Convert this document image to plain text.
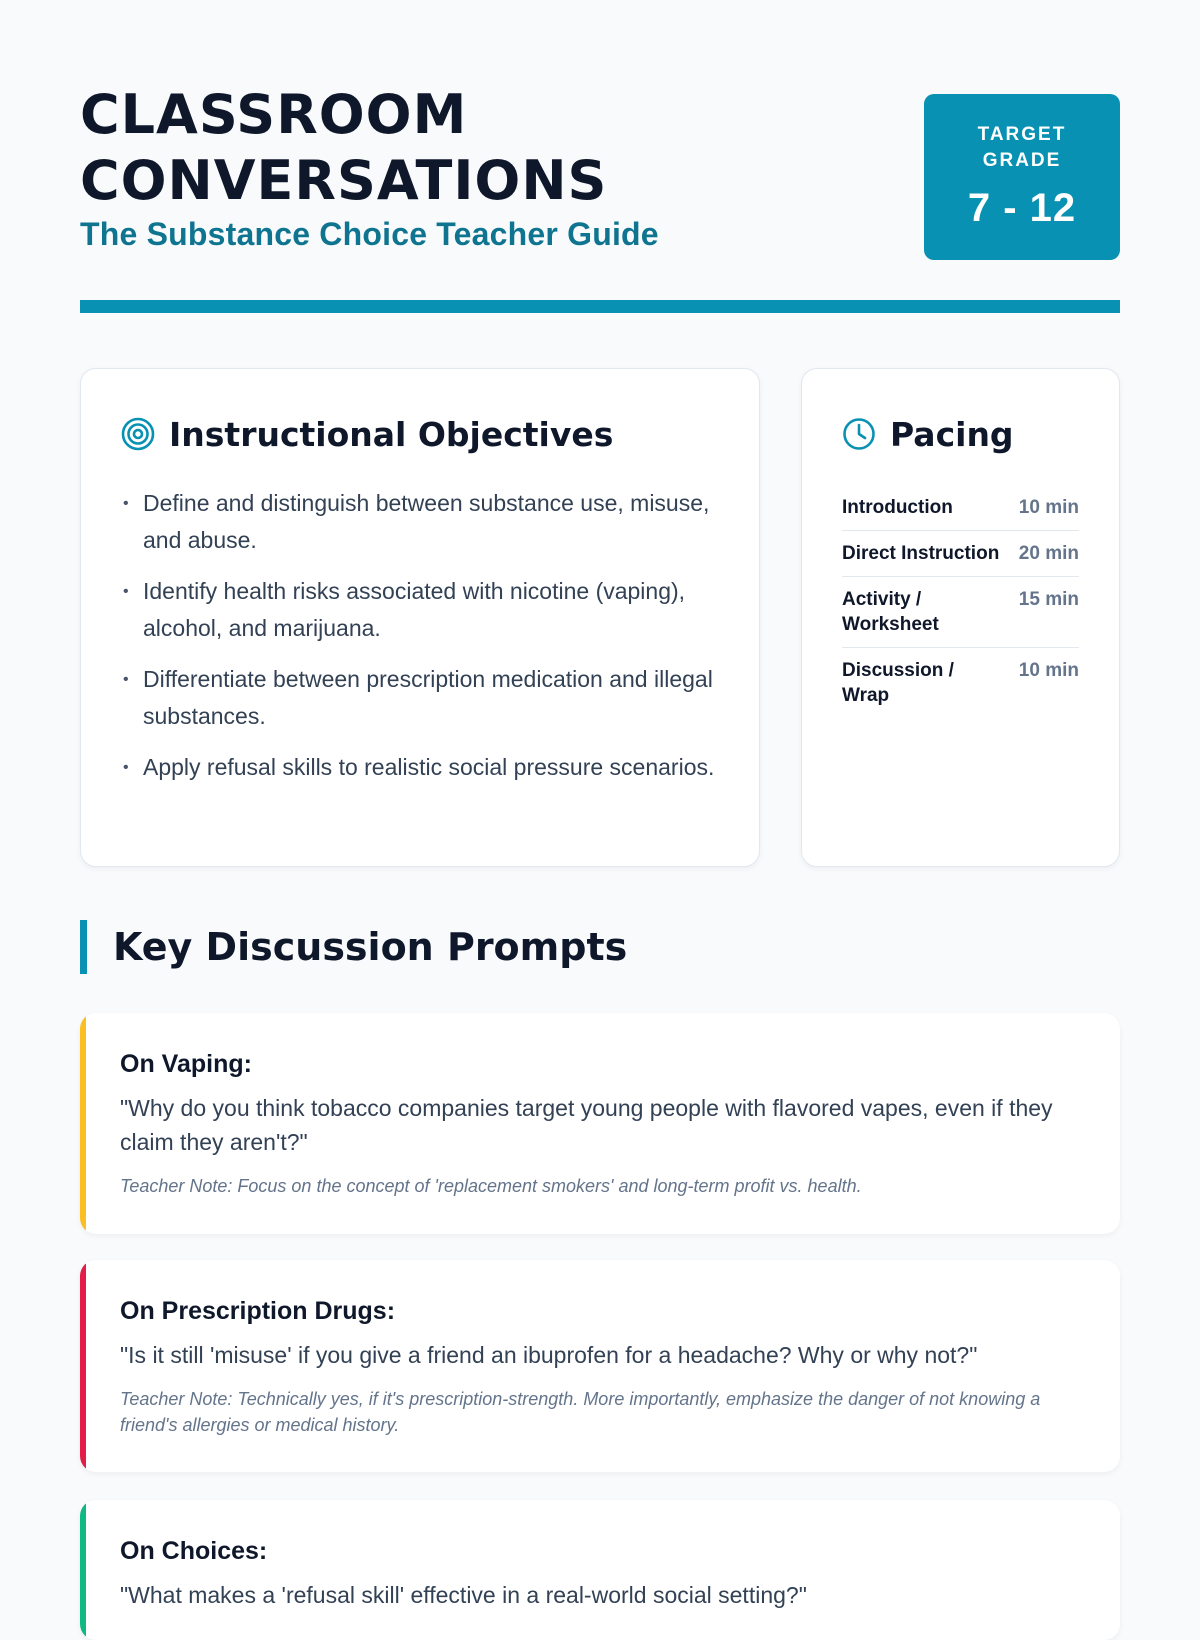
CLASSROOM
CONVERSATIONS
The Substance Choice Teacher Guide
TARGET GRADE
7 - 12
Instructional Objectives
• Define and distinguish between substance use, misuse, and abuse.
• Identify health risks associated with nicotine (vaping), alcohol, and marijuana.
• Differentiate between prescription medication and illegal substances.
• Apply refusal skills to realistic social pressure scenarios.
Pacing
Introduction	10 min
Direct Instruction	20 min
Activity / Worksheet
15 min
Discussion / Wrap
10 min
Key Discussion Prompts
On Vaping:
"Why do you think tobacco companies target young people with flavored vapes, even if they claim they aren't?"
Teacher Note: Focus on the concept of 'replacement smokers' and long-term profit vs. health.
On Prescription Drugs:
"Is it still 'misuse' if you give a friend an ibuprofen for a headache? Why or why not?"
Teacher Note: Technically yes, if it's prescription-strength. More importantly, emphasize the danger of not knowing a friend's allergies or medical history.
On Choices:
"What makes a 'refusal skill' effective in a real-world social setting?"
